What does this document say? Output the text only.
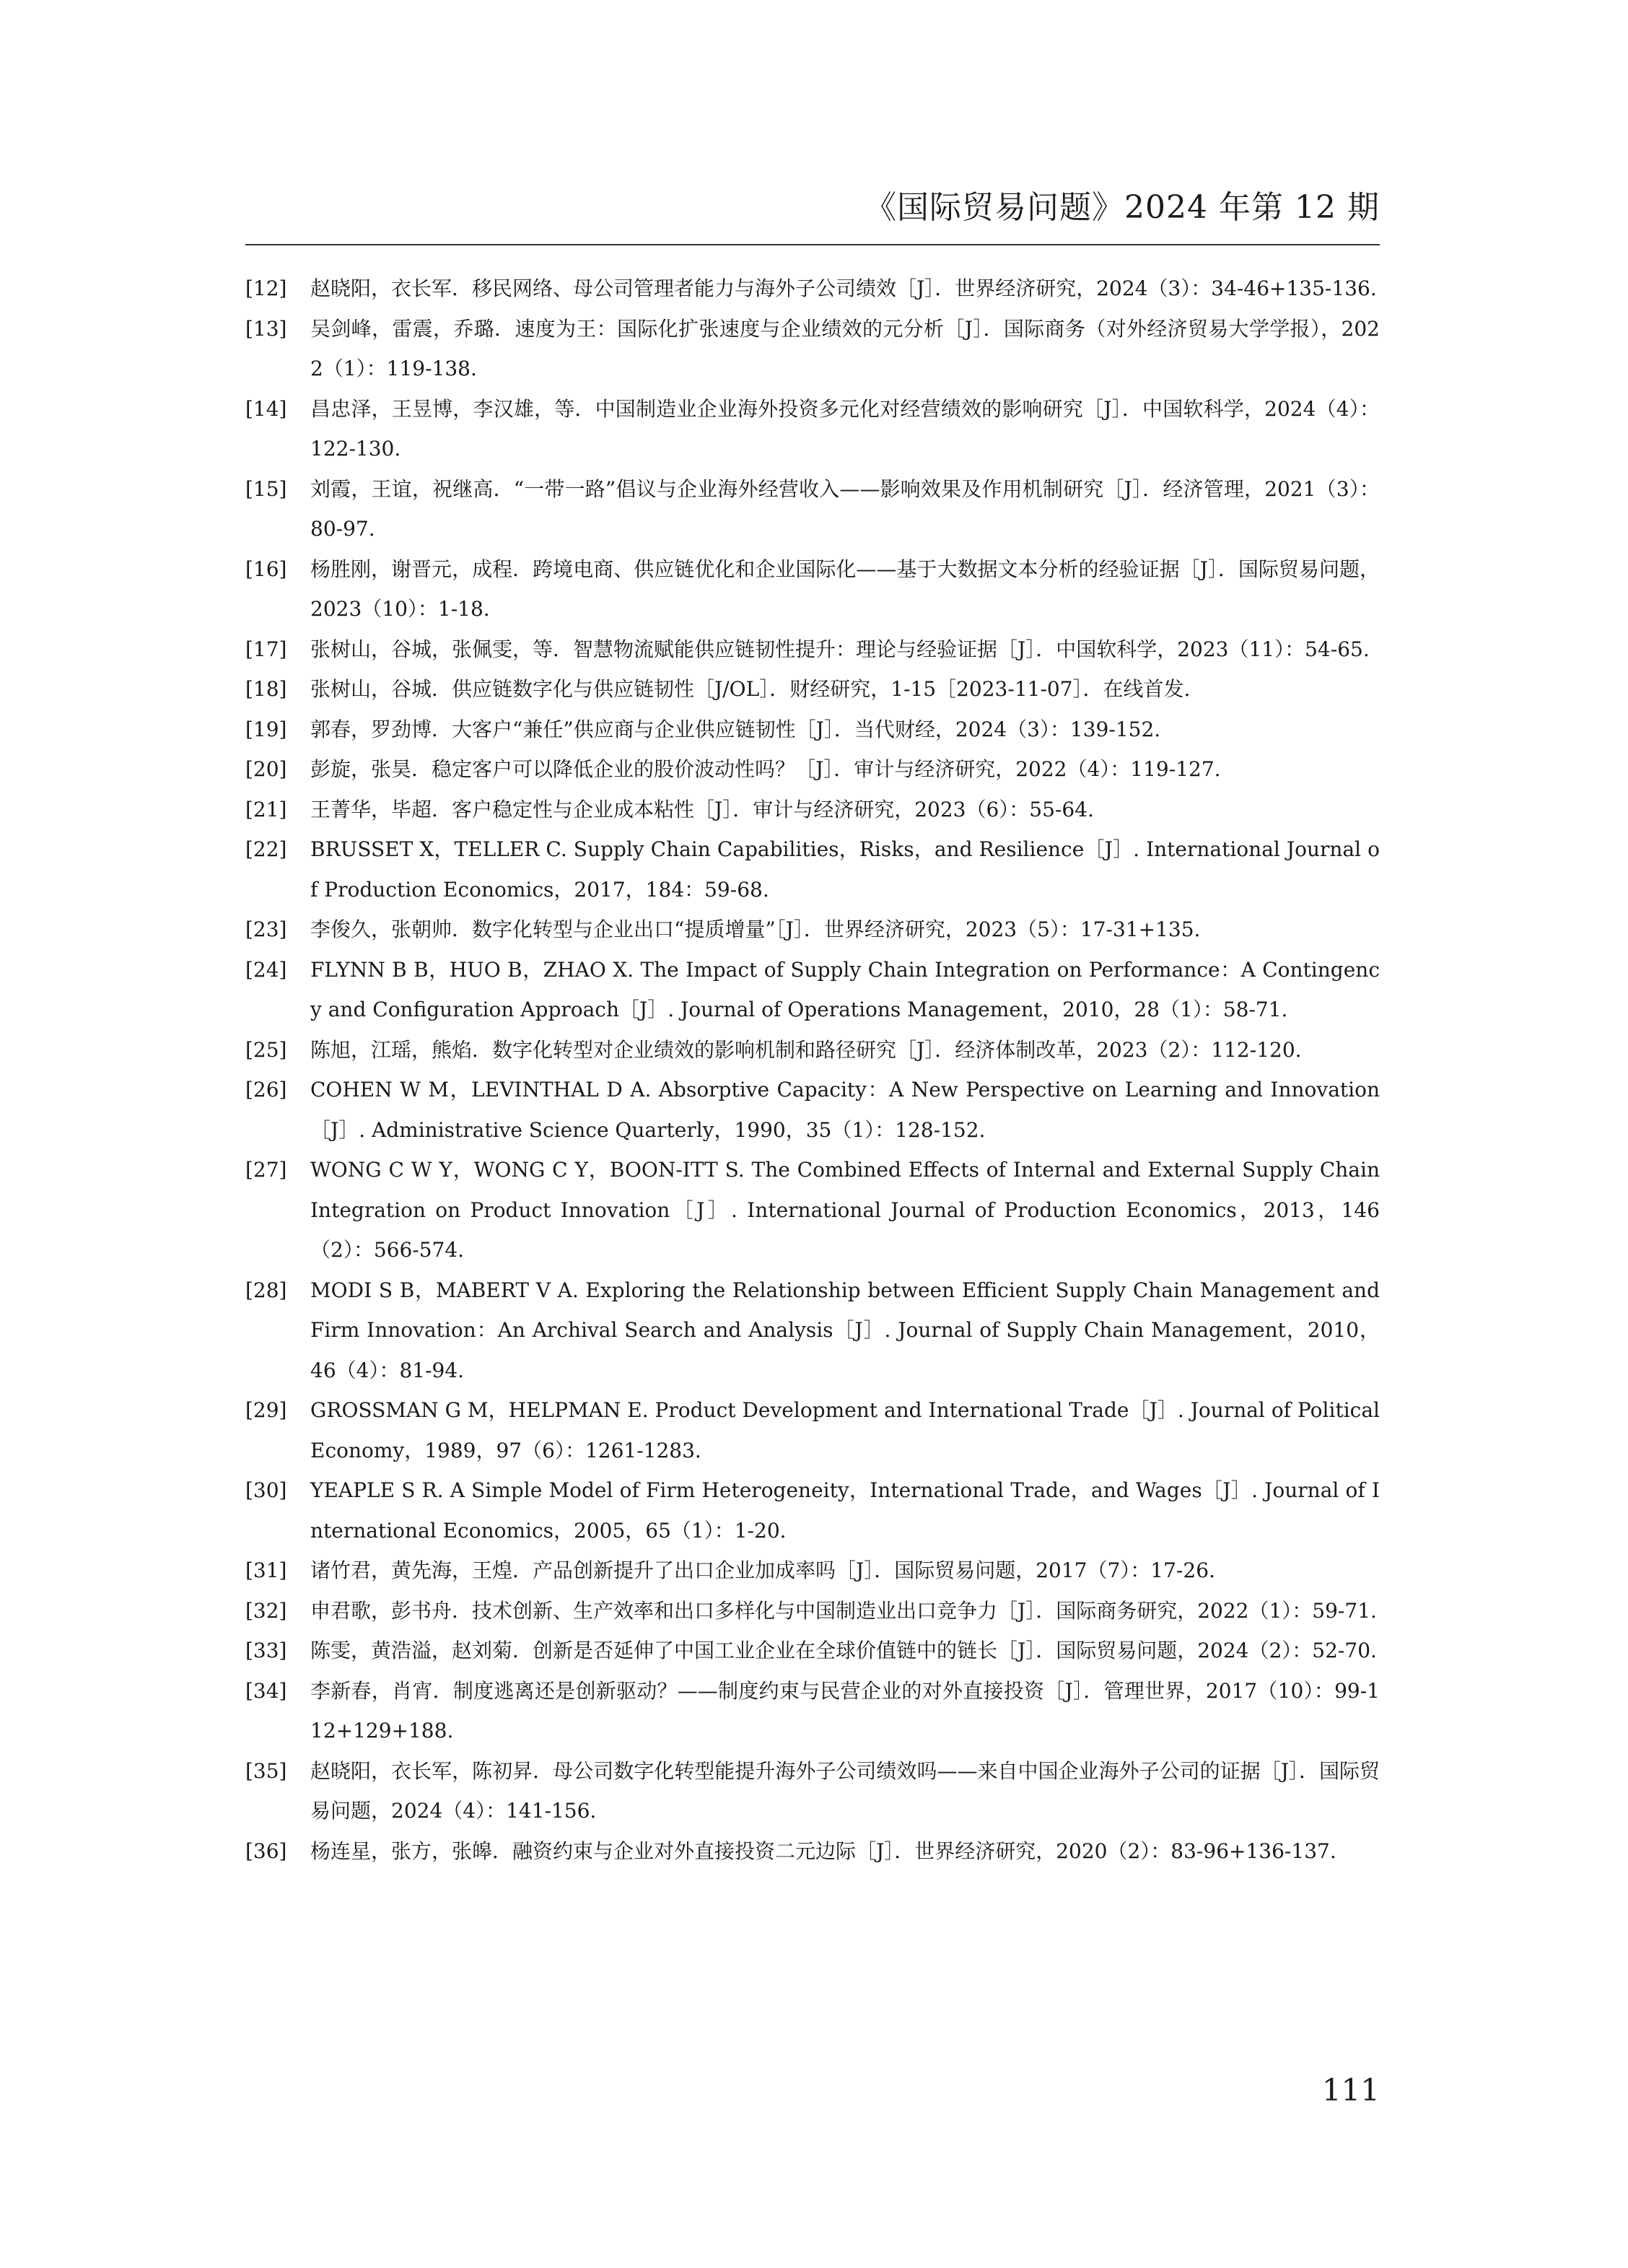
《国际贸易问题》2024 年第 12 期
[12]	赵晓阳，衣长军．移民网络、母公司管理者能力与海外子公司绩效［J］．世界经济研究，2024（3）：34-46+135-136.
[13]	吴剑峰，雷震，乔璐．速度为王：国际化扩张速度与企业绩效的元分析［J］．国际商务（对外经济贸易大学学报），2022（1）：119-138.
[14]	昌忠泽，王昱博，李汉雄，等．中国制造业企业海外投资多元化对经营绩效的影响研究［J］．中国软科学，2024（4）：122-130.
[15]	刘霞，王谊，祝继高．“一带一路”倡议与企业海外经营收入——影响效果及作用机制研究［J］．经济管理，2021（3）：80-97.
[16]	杨胜刚，谢晋元，成程．跨境电商、供应链优化和企业国际化——基于大数据文本分析的经验证据［J］．国际贸易问题，2023（10）：1-18.
[17]	张树山，谷城，张佩雯，等．智慧物流赋能供应链韧性提升：理论与经验证据［J］．中国软科学，2023（11）：54-65.
[18]	张树山，谷城．供应链数字化与供应链韧性［J/OL］．财经研究，1-15［2023-11-07］．在线首发.
[19]	郭春，罗劲博．大客户“兼任”供应商与企业供应链韧性［J］．当代财经，2024（3）：139-152.
[20]	彭旋，张昊．稳定客户可以降低企业的股价波动性吗？［J］．审计与经济研究，2022（4）：119-127.
[21]	王菁华，毕超．客户稳定性与企业成本粘性［J］．审计与经济研究，2023（6）：55-64.
[22]	BRUSSET X，TELLER C. Supply Chain Capabilities，Risks，and Resilience［J］. International Journal of Production Economics，2017，184：59-68.
[23]	李俊久，张朝帅．数字化转型与企业出口“提质增量”［J］．世界经济研究，2023（5）：17-31+135.
[24]	FLYNN B B，HUO B，ZHAO X. The Impact of Supply Chain Integration on Performance：A Contingency and Configuration Approach［J］. Journal of Operations Management，2010，28（1）：58-71.
[25]	陈旭，江瑶，熊焰．数字化转型对企业绩效的影响机制和路径研究［J］．经济体制改革，2023（2）：112-120.
[26]	COHEN W M，LEVINTHAL D A. Absorptive Capacity：A New Perspective on Learning and Innovation［J］. Administrative Science Quarterly，1990，35（1）：128-152.
[27]	WONG C W Y，WONG C Y，BOON-ITT S. The Combined Effects of Internal and External Supply Chain Integration on Product Innovation［J］. International Journal of Production Economics，2013，146（2）：566-574.
[28]	MODI S B，MABERT V A. Exploring the Relationship between Efficient Supply Chain Management and Firm Innovation：An Archival Search and Analysis［J］. Journal of Supply Chain Management，2010，46（4）：81-94.
[29]	GROSSMAN G M，HELPMAN E. Product Development and International Trade［J］. Journal of Political Economy，1989，97（6）：1261-1283.
[30]	YEAPLE S R. A Simple Model of Firm Heterogeneity，International Trade，and Wages［J］. Journal of International Economics，2005，65（1）：1-20.
[31]	诸竹君，黄先海，王煌．产品创新提升了出口企业加成率吗［J］．国际贸易问题，2017（7）：17-26.
[32]	申君歌，彭书舟．技术创新、生产效率和出口多样化与中国制造业出口竞争力［J］．国际商务研究，2022（1）：59-71.
[33]	陈雯，黄浩溢，赵刘菊．创新是否延伸了中国工业企业在全球价值链中的链长［J］．国际贸易问题，2024（2）：52-70.
[34]	李新春，肖宵．制度逃离还是创新驱动？——制度约束与民营企业的对外直接投资［J］．管理世界，2017（10）：99-112+129+188.
[35]	赵晓阳，衣长军，陈初昇．母公司数字化转型能提升海外子公司绩效吗——来自中国企业海外子公司的证据［J］．国际贸易问题，2024（4）：141-156.
[36]	杨连星，张方，张皞．融资约束与企业对外直接投资二元边际［J］．世界经济研究，2020（2）：83-96+136-137.
111
